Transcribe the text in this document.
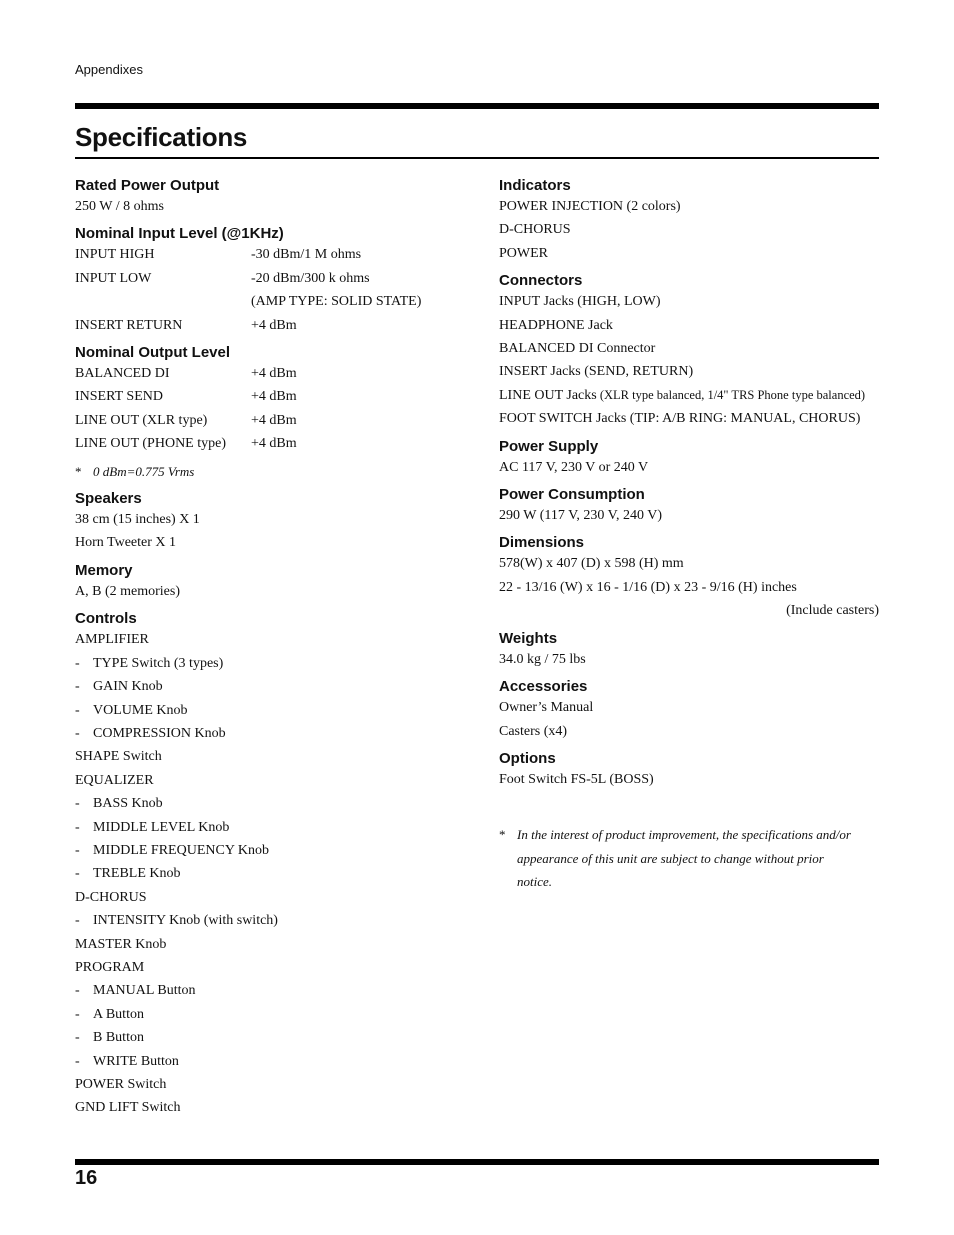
Appendixes
Specifications
Rated Power Output
250 W / 8 ohms
Nominal Input Level (@1KHz)
INPUT HIGH	-30 dBm/1 M ohms
INPUT LOW	-20 dBm/300 k ohms
(AMP TYPE: SOLID STATE)
INSERT RETURN	+4 dBm
Nominal Output Level
BALANCED DI	+4 dBm
INSERT SEND	+4 dBm
LINE OUT (XLR type)	+4 dBm
LINE OUT (PHONE type)	+4 dBm
* 0 dBm=0.775 Vrms
Speakers
38 cm (15 inches) X 1
Horn Tweeter X 1
Memory
A, B (2 memories)
Controls
AMPLIFIER
- TYPE Switch (3 types)
- GAIN Knob
- VOLUME Knob
- COMPRESSION Knob
SHAPE Switch
EQUALIZER
- BASS Knob
- MIDDLE LEVEL Knob
- MIDDLE FREQUENCY Knob
- TREBLE Knob
D-CHORUS
- INTENSITY Knob (with switch)
MASTER Knob
PROGRAM
- MANUAL Button
- A Button
- B Button
- WRITE Button
POWER Switch
GND LIFT Switch
Indicators
POWER INJECTION (2 colors)
D-CHORUS
POWER
Connectors
INPUT Jacks (HIGH, LOW)
HEADPHONE Jack
BALANCED DI Connector
INSERT Jacks (SEND, RETURN)
LINE OUT Jacks (XLR type balanced, 1/4" TRS Phone type balanced)
FOOT SWITCH Jacks (TIP: A/B RING: MANUAL, CHORUS)
Power Supply
AC 117 V, 230 V or 240 V
Power Consumption
290 W (117 V, 230 V, 240 V)
Dimensions
578(W) x 407 (D) x 598 (H) mm
22 - 13/16 (W) x 16 - 1/16 (D) x 23 - 9/16 (H) inches
(Include casters)
Weights
34.0 kg / 75 lbs
Accessories
Owner’s Manual
Casters (x4)
Options
Foot Switch FS-5L (BOSS)
* In the interest of product improvement, the specifications and/or
appearance of this unit are subject to change without prior
notice.
16
